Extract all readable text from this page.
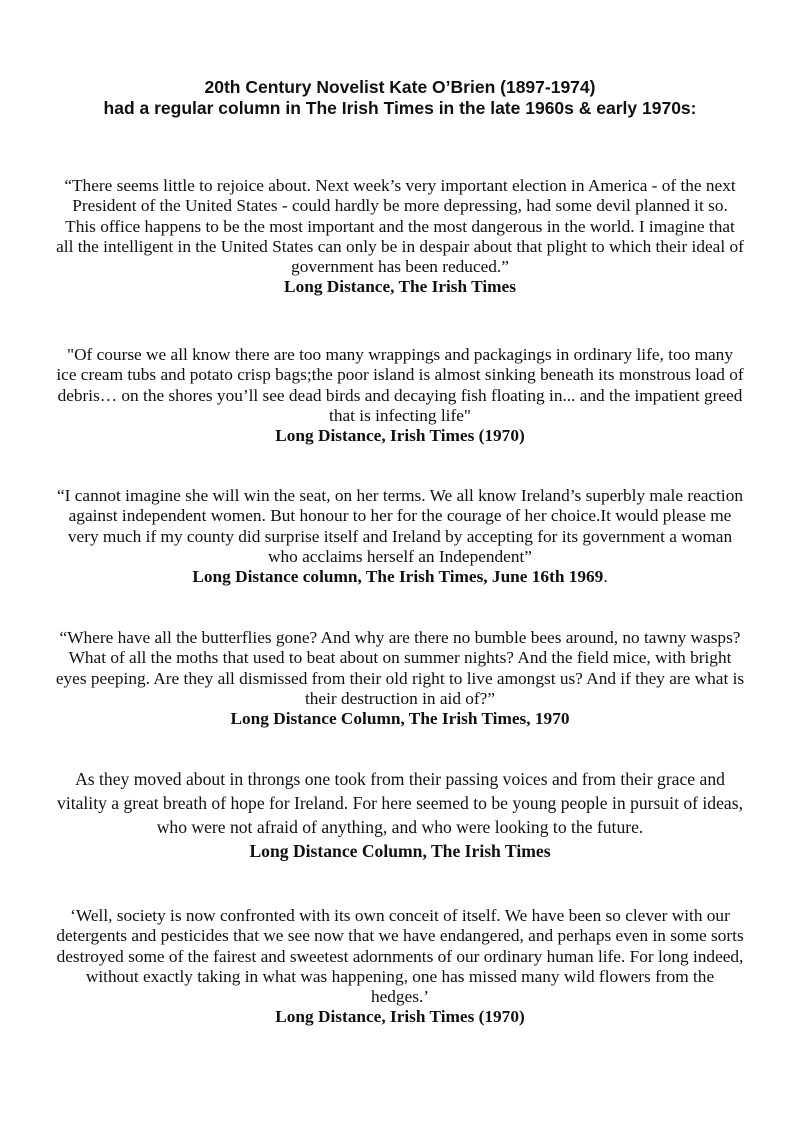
20th Century Novelist Kate O’Brien (1897-1974)
had a regular column in The Irish Times in the late 1960s & early 1970s:

“There seems little to rejoice about. Next week’s very important election in America - of the next President of the United States - could hardly be more depressing, had some devil planned it so. This office happens to be the most important and the most dangerous in the world. I imagine that all the intelligent in the United States can only be in despair about that plight to which their ideal of government has been reduced.”

Long Distance, The Irish Times

"Of course we all know there are too many wrappings and packagings in ordinary life, too many ice cream tubs and potato crisp bags;the poor island is almost sinking beneath its monstrous load of debris… on the shores you’ll see dead birds and decaying fish floating in... and the impatient greed that is infecting life"

Long Distance, Irish Times (1970)

“I cannot imagine she will win the seat, on her terms. We all know Ireland’s superbly male reaction against independent women. But honour to her for the courage of her choice.It would please me very much if my county did surprise itself and Ireland by accepting for its government a woman who acclaims herself an Independent”

Long Distance column, The Irish Times, June 16th 1969.

“Where have all the butterflies gone? And why are there no bumble bees around, no tawny wasps? What of all the moths that used to beat about on summer nights? And the field mice, with bright eyes peeping. Are they all dismissed from their old right to live amongst us? And if they are what is their destruction in aid of?”

Long Distance Column, The Irish Times, 1970

As they moved about in throngs one took from their passing voices and from their grace and vitality a great breath of hope for Ireland. For here seemed to be young people in pursuit of ideas, who were not afraid of anything, and who were looking to the future.

Long Distance Column, The Irish Times

‘Well, society is now confronted with its own conceit of itself. We have been so clever with our detergents and pesticides that we see now that we have endangered, and perhaps even in some sorts destroyed some of the fairest and sweetest adornments of our ordinary human life. For long indeed, without exactly taking in what was happening, one has missed many wild flowers from the hedges.’

Long Distance, Irish Times (1970)
